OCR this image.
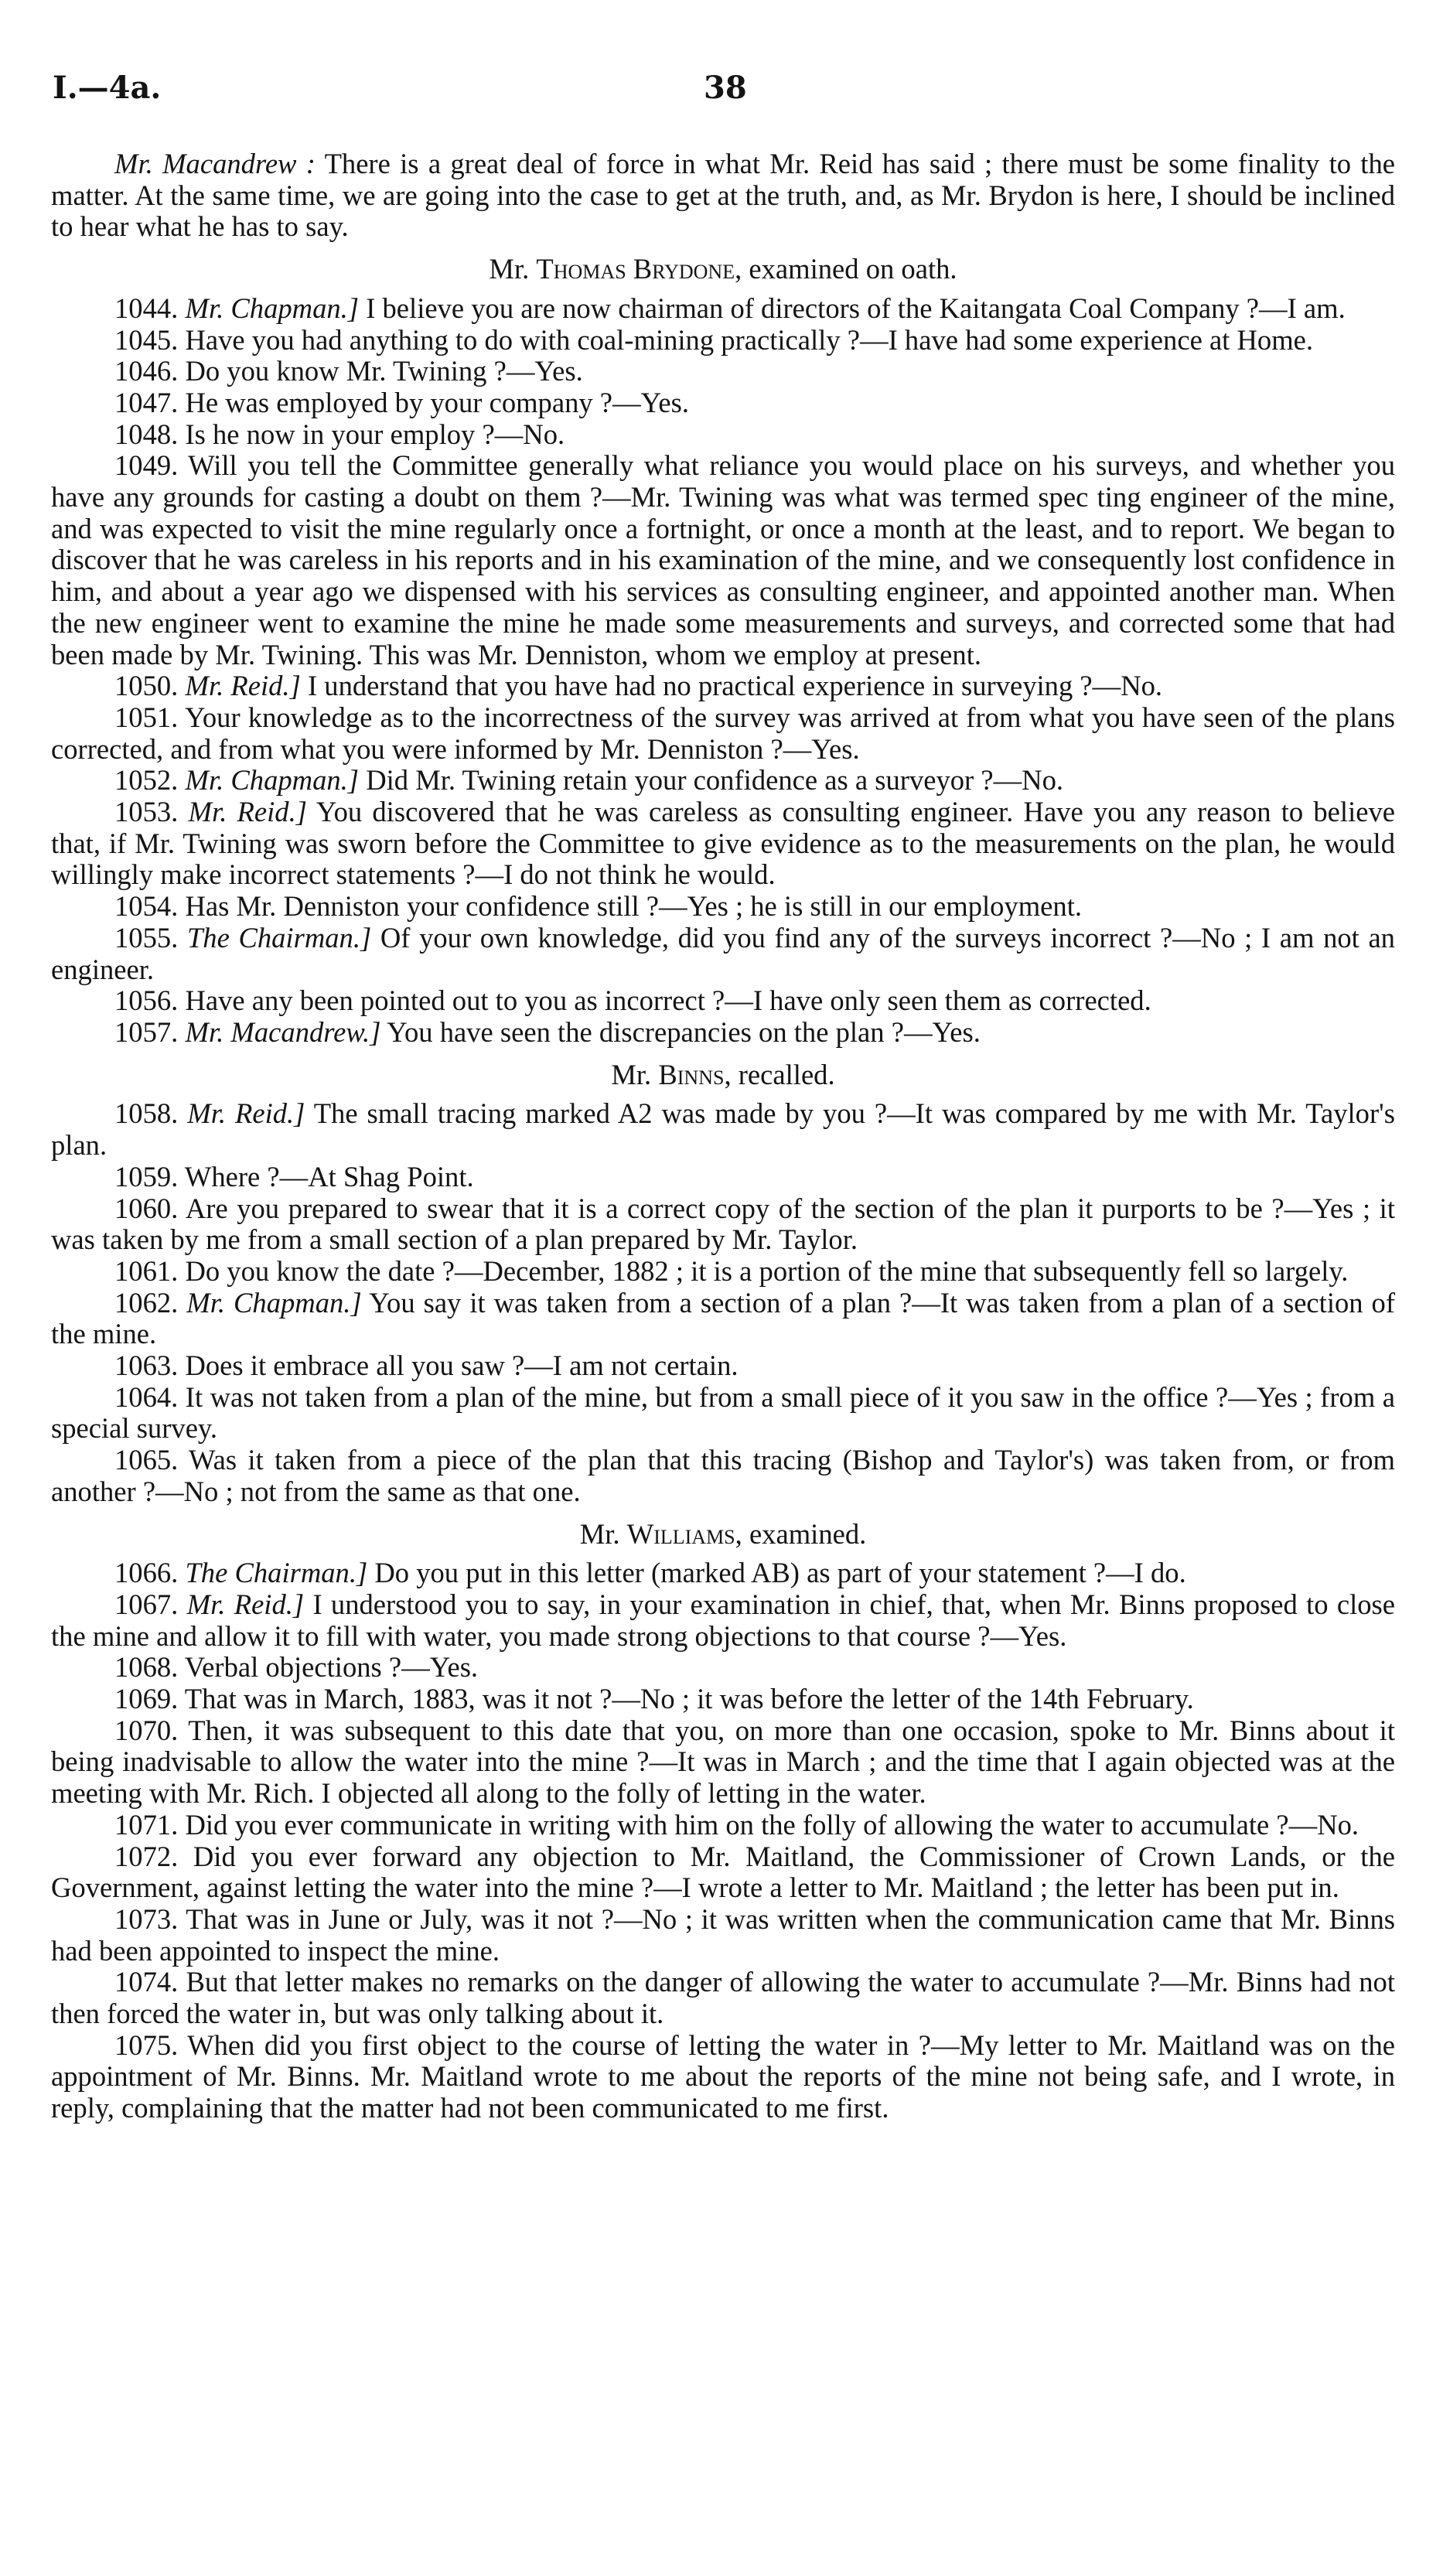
I.—4a.	38

Mr. Macandrew : There is a great deal of force in what Mr. Reid has said ; there must be some finality to the matter. At the same time, we are going into the case to get at the truth, and, as Mr. Brydon is here, I should be inclined to hear what he has to say.

Mr. Thomas Brydone, examined on oath.

1044. Mr. Chapman.] I believe you are now chairman of directors of the Kaitangata Coal Company ?—I am.

1045. Have you had anything to do with coal-mining practically ?—I have had some experience at Home.

1046. Do you know Mr. Twining ?—Yes.

1047. He was employed by your company ?—Yes.

1048. Is he now in your employ ?—No.

1049. Will you tell the Committee generally what reliance you would place on his surveys, and whether you have any grounds for casting a doubt on them ?—Mr. Twining was what was termed spec ting engineer of the mine, and was expected to visit the mine regularly once a fortnight, or once a month at the least, and to report. We began to discover that he was careless in his reports and in his examination of the mine, and we consequently lost confidence in him, and about a year ago we dispensed with his services as consulting engineer, and appointed another man. When the new engineer went to examine the mine he made some measurements and surveys, and corrected some that had been made by Mr. Twining. This was Mr. Denniston, whom we employ at present.

1050. Mr. Reid.] I understand that you have had no practical experience in surveying ?—No.

1051. Your knowledge as to the incorrectness of the survey was arrived at from what you have seen of the plans corrected, and from what you were informed by Mr. Denniston ?—Yes.

1052. Mr. Chapman.] Did Mr. Twining retain your confidence as a surveyor ?—No.

1053. Mr. Reid.] You discovered that he was careless as consulting engineer. Have you any reason to believe that, if Mr. Twining was sworn before the Committee to give evidence as to the measurements on the plan, he would willingly make incorrect statements ?—I do not think he would.

1054. Has Mr. Denniston your confidence still ?—Yes ; he is still in our employment.

1055. The Chairman.] Of your own knowledge, did you find any of the surveys incorrect ?—No ; I am not an engineer.

1056. Have any been pointed out to you as incorrect ?—I have only seen them as corrected.

1057. Mr. Macandrew.] You have seen the discrepancies on the plan ?—Yes.

Mr. Binns, recalled.

1058. Mr. Reid.] The small tracing marked A2 was made by you ?—It was compared by me with Mr. Taylor's plan.

1059. Where ?—At Shag Point.

1060. Are you prepared to swear that it is a correct copy of the section of the plan it purports to be ?—Yes ; it was taken by me from a small section of a plan prepared by Mr. Taylor.

1061. Do you know the date ?—December, 1882 ; it is a portion of the mine that subsequently fell so largely.

1062. Mr. Chapman.] You say it was taken from a section of a plan ?—It was taken from a plan of a section of the mine.

1063. Does it embrace all you saw ?—I am not certain.

1064. It was not taken from a plan of the mine, but from a small piece of it you saw in the office ?—Yes ; from a special survey.

1065. Was it taken from a piece of the plan that this tracing (Bishop and Taylor's) was taken from, or from another ?—No ; not from the same as that one.

Mr. Williams, examined.

1066. The Chairman.] Do you put in this letter (marked AB) as part of your statement ?—I do.

1067. Mr. Reid.] I understood you to say, in your examination in chief, that, when Mr. Binns proposed to close the mine and allow it to fill with water, you made strong objections to that course ?—Yes.

1068. Verbal objections ?—Yes.

1069. That was in March, 1883, was it not ?—No ; it was before the letter of the 14th February.

1070. Then, it was subsequent to this date that you, on more than one occasion, spoke to Mr. Binns about it being inadvisable to allow the water into the mine ?—It was in March ; and the time that I again objected was at the meeting with Mr. Rich. I objected all along to the folly of letting in the water.

1071. Did you ever communicate in writing with him on the folly of allowing the water to accumulate ?—No.

1072. Did you ever forward any objection to Mr. Maitland, the Commissioner of Crown Lands, or the Government, against letting the water into the mine ?—I wrote a letter to Mr. Maitland ; the letter has been put in.

1073. That was in June or July, was it not ?—No ; it was written when the communication came that Mr. Binns had been appointed to inspect the mine.

1074. But that letter makes no remarks on the danger of allowing the water to accumulate ?—Mr. Binns had not then forced the water in, but was only talking about it.

1075. When did you first object to the course of letting the water in ?—My letter to Mr. Maitland was on the appointment of Mr. Binns. Mr. Maitland wrote to me about the reports of the mine not being safe, and I wrote, in reply, complaining that the matter had not been communicated to me first.
